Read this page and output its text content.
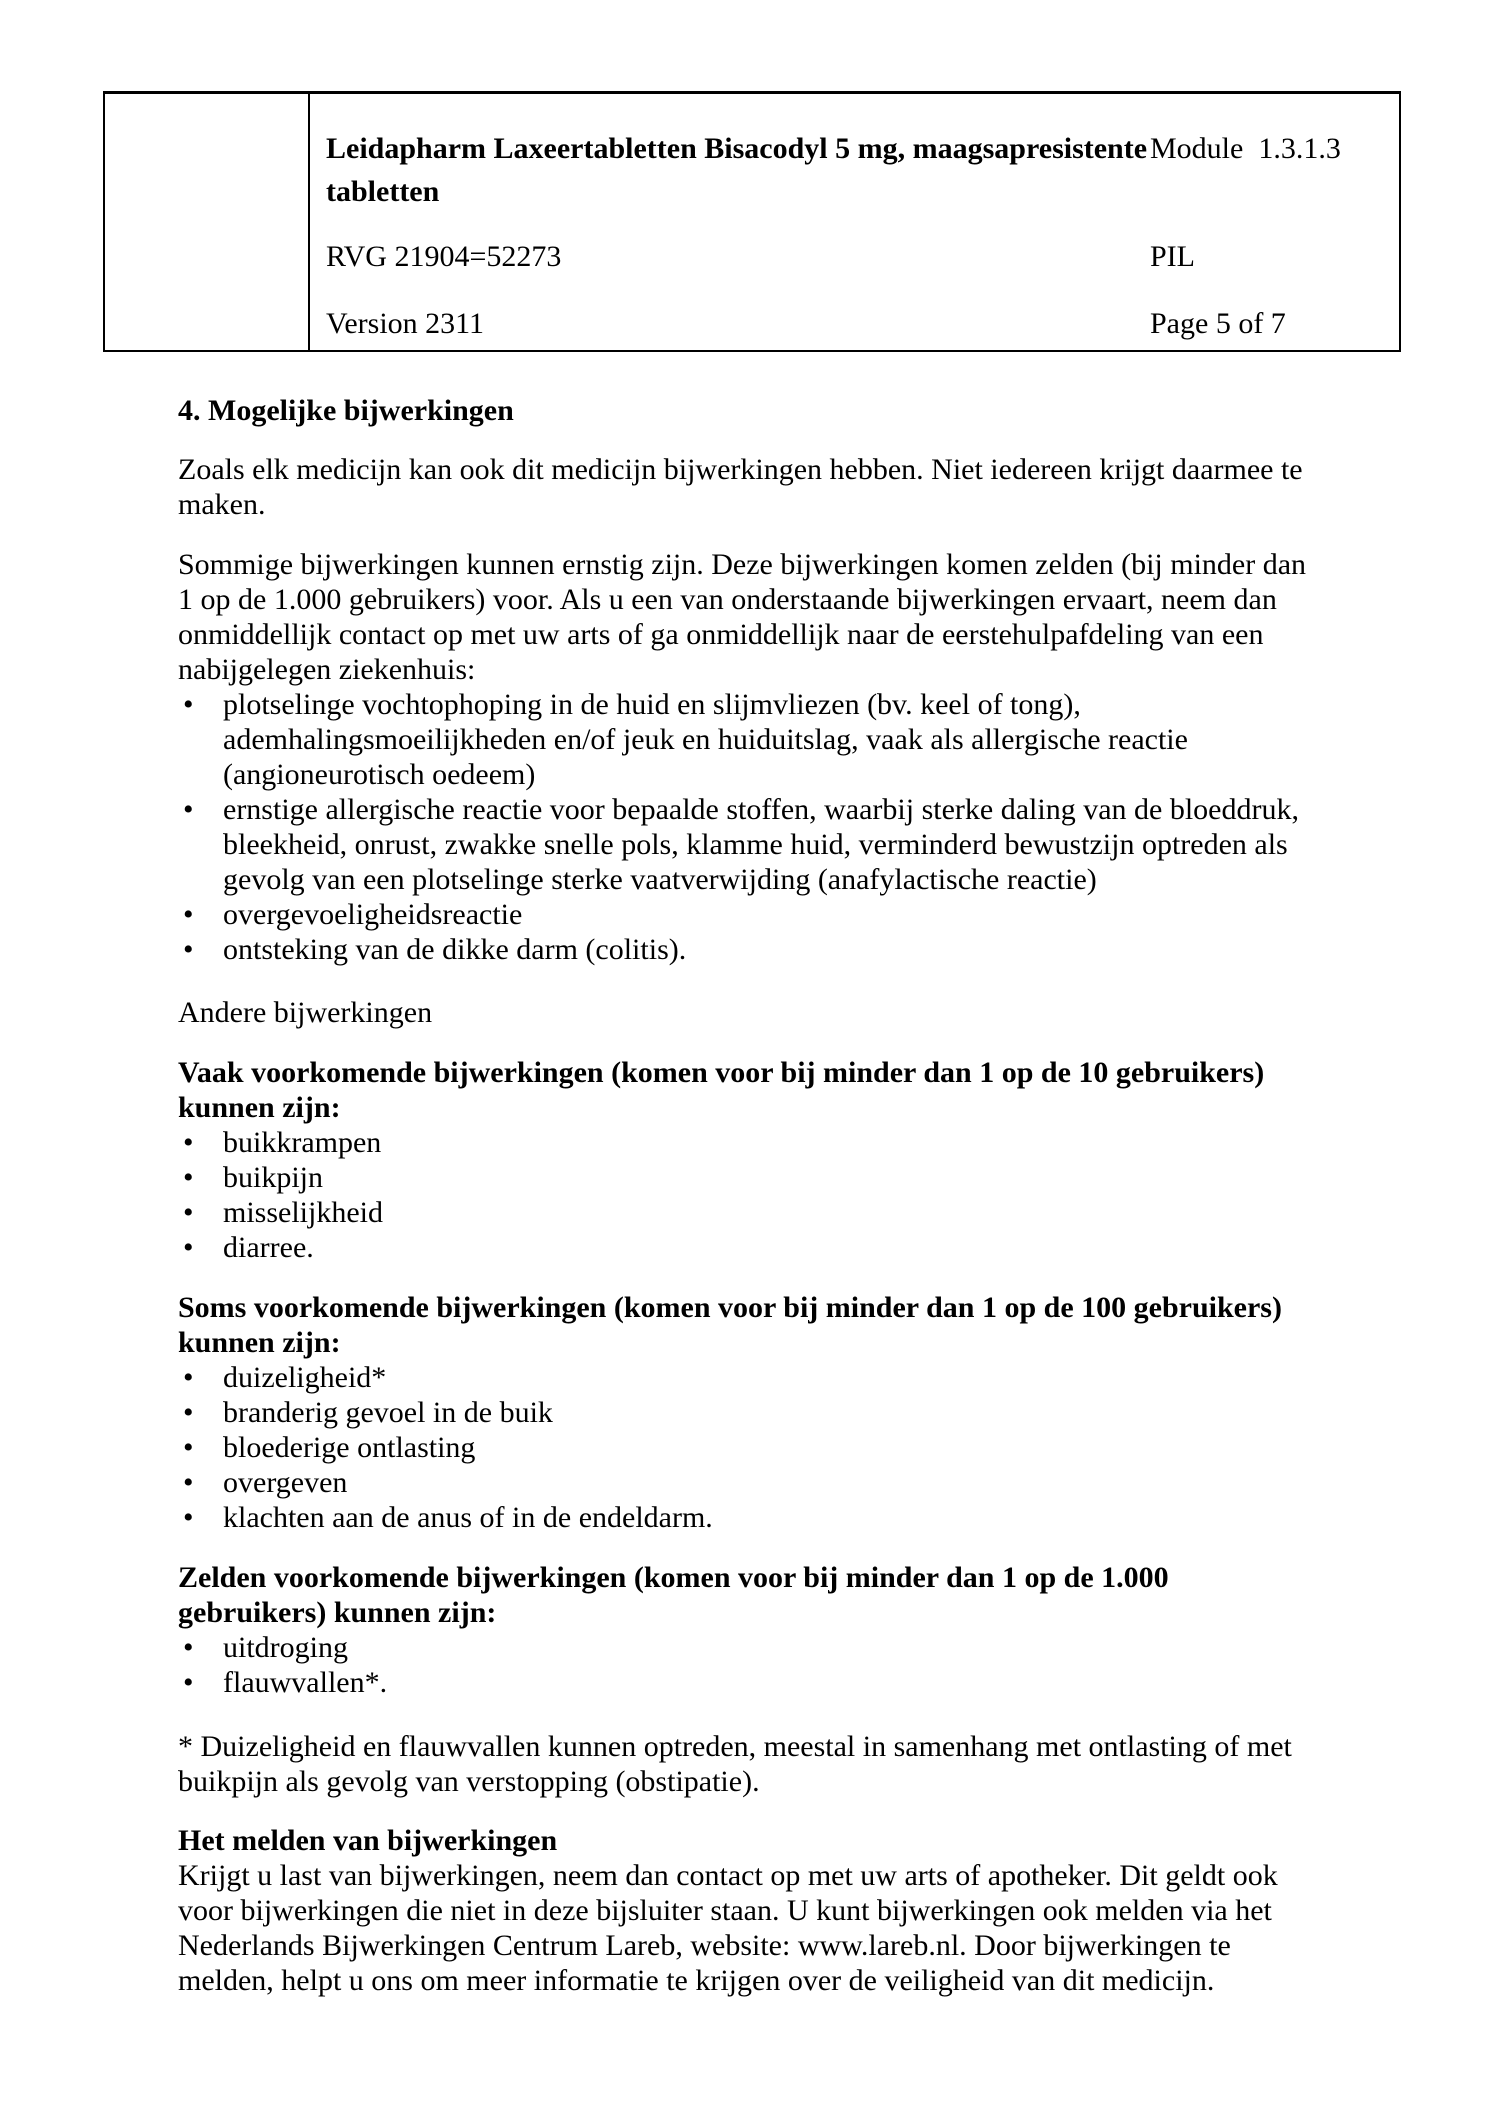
Leidapharm Laxeertabletten Bisacodyl 5 mg, maagsapresistente tabletten
Module  1.3.1.3
RVG 21904=52273	PIL
Version 2311	Page 5 of 7
4. Mogelijke bijwerkingen

Zoals elk medicijn kan ook dit medicijn bijwerkingen hebben. Niet iedereen krijgt daarmee te maken.

Sommige bijwerkingen kunnen ernstig zijn. Deze bijwerkingen komen zelden (bij minder dan 1 op de 1.000 gebruikers) voor. Als u een van onderstaande bijwerkingen ervaart, neem dan onmiddellijk contact op met uw arts of ga onmiddellijk naar de eerstehulpafdeling van een nabijgelegen ziekenhuis:

• plotselinge vochtophoping in de huid en slijmvliezen (bv. keel of tong), ademhalingsmoeilijkheden en/of jeuk en huiduitslag, vaak als allergische reactie (angioneurotisch oedeem)
• ernstige allergische reactie voor bepaalde stoffen, waarbij sterke daling van de bloeddruk, bleekheid, onrust, zwakke snelle pols, klamme huid, verminderd bewustzijn optreden als gevolg van een plotselinge sterke vaatverwijding (anafylactische reactie)
• overgevoeligheidsreactie
• ontsteking van de dikke darm (colitis).

Andere bijwerkingen

Vaak voorkomende bijwerkingen (komen voor bij minder dan 1 op de 10 gebruikers) kunnen zijn:
• buikkrampen
• buikpijn
• misselijkheid
• diarree.
Soms voorkomende bijwerkingen (komen voor bij minder dan 1 op de 100 gebruikers) kunnen zijn:
• duizeligheid*
• branderig gevoel in de buik
• bloederige ontlasting
• overgeven
• klachten aan de anus of in de endeldarm.
Zelden voorkomende bijwerkingen (komen voor bij minder dan 1 op de 1.000 gebruikers) kunnen zijn:
• uitdroging
• flauwvallen*.

* Duizeligheid en flauwvallen kunnen optreden, meestal in samenhang met ontlasting of met buikpijn als gevolg van verstopping (obstipatie).

Het melden van bijwerkingen

Krijgt u last van bijwerkingen, neem dan contact op met uw arts of apotheker. Dit geldt ook voor bijwerkingen die niet in deze bijsluiter staan. U kunt bijwerkingen ook melden via het Nederlands Bijwerkingen Centrum Lareb, website: www.lareb.nl. Door bijwerkingen te melden, helpt u ons om meer informatie te krijgen over de veiligheid van dit medicijn.
